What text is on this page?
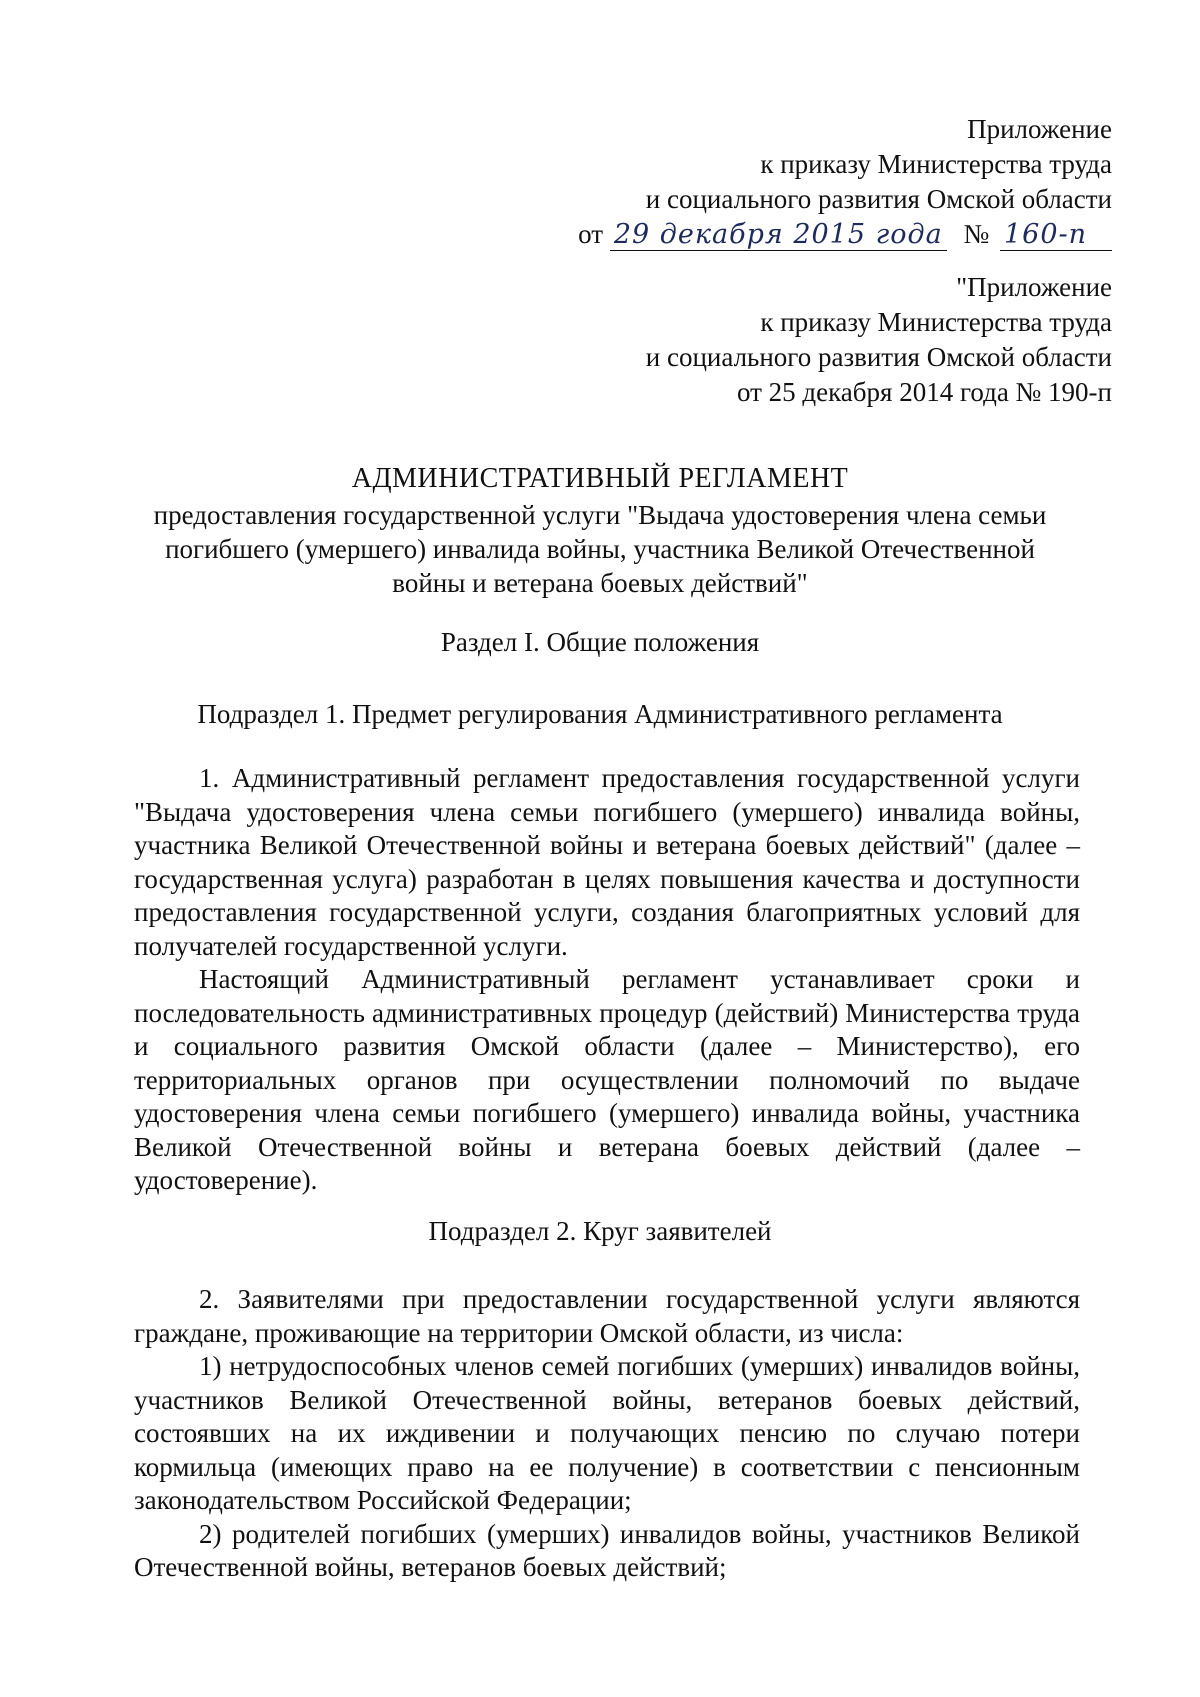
Приложение
к приказу Министерства труда
и социального развития Омской области
от 29 декабря 2015 года № 160-п
"Приложение
к приказу Министерства труда
и социального развития Омской области
от 25 декабря 2014 года № 190-п
АДМИНИСТРАТИВНЫЙ РЕГЛАМЕНТ
предоставления государственной услуги "Выдача удостоверения члена семьи
погибшего (умершего) инвалида войны, участника Великой Отечественной
войны и ветерана боевых действий"
Раздел I. Общие положения
Подраздел 1. Предмет регулирования Административного регламента

1. Административный регламент предоставления государственной услуги "Выдача удостоверения члена семьи погибшего (умершего) инвалида войны, участника Великой Отечественной войны и ветерана боевых действий" (далее – государственная услуга) разработан в целях повышения качества и доступности предоставления государственной услуги, создания благоприятных условий для получателей государственной услуги.

Настоящий Административный регламент устанавливает сроки и последовательность административных процедур (действий) Министерства труда и социального развития Омской области (далее – Министерство), его территориальных органов при осуществлении полномочий по выдаче удостоверения члена семьи погибшего (умершего) инвалида войны, участника Великой Отечественной войны и ветерана боевых действий (далее – удостоверение).

Подраздел 2. Круг заявителей

2. Заявителями при предоставлении государственной услуги являются граждане, проживающие на территории Омской области, из числа:

1) нетрудоспособных членов семей погибших (умерших) инвалидов войны, участников Великой Отечественной войны, ветеранов боевых действий, состоявших на их иждивении и получающих пенсию по случаю потери кормильца (имеющих право на ее получение) в соответствии с пенсионным законодательством Российской Федерации;

2) родителей погибших (умерших) инвалидов войны, участников Великой Отечественной войны, ветеранов боевых действий;
